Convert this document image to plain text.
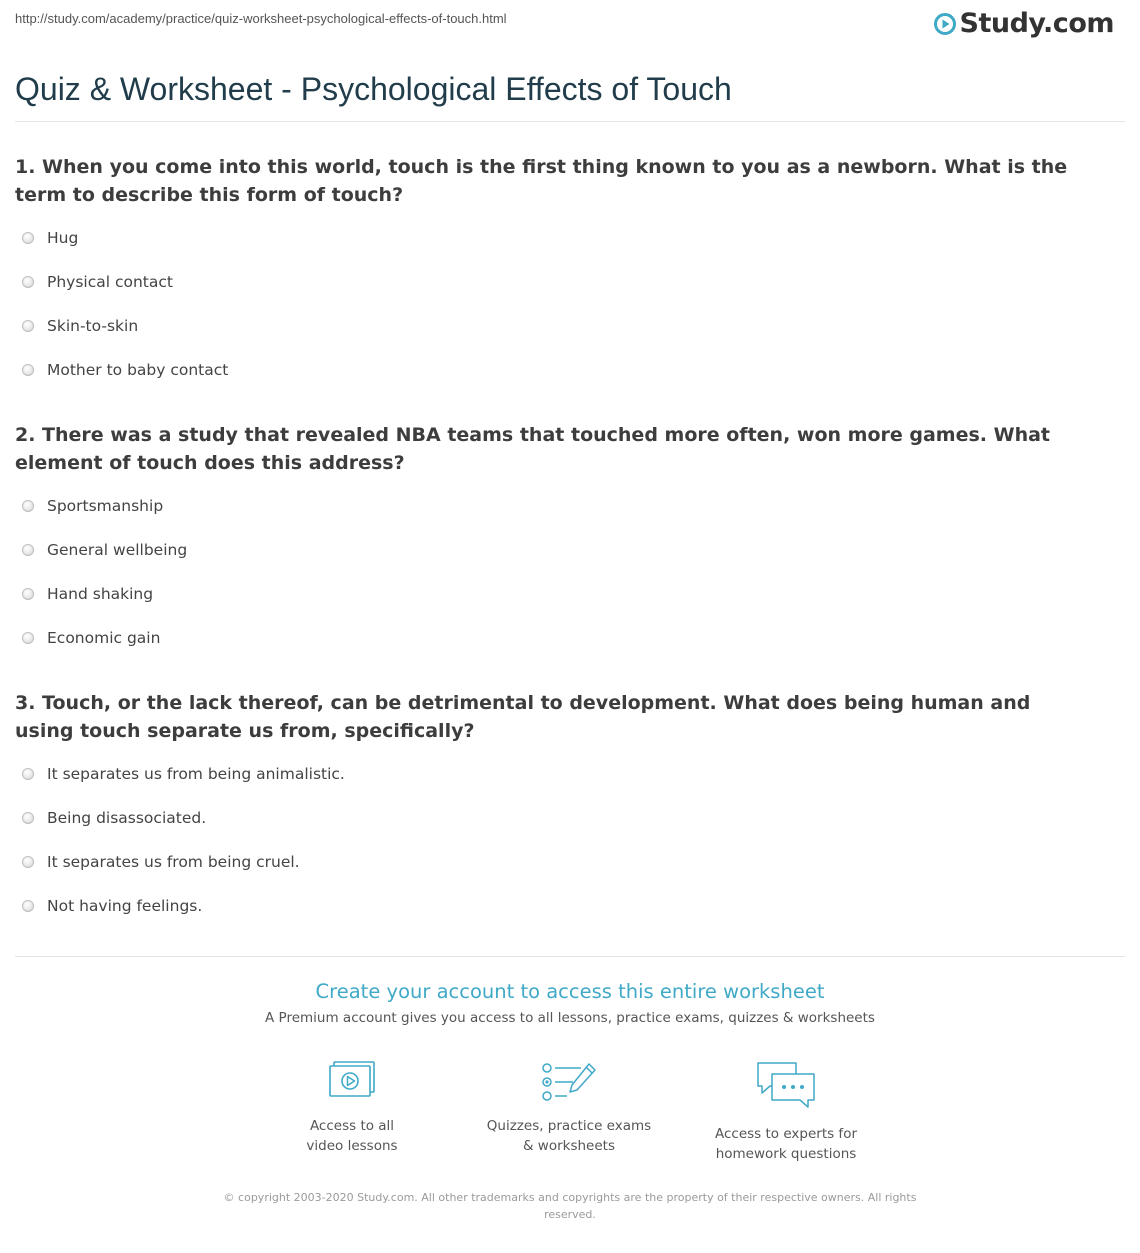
http://study.com/academy/practice/quiz-worksheet-psychological-effects-of-touch.html	Study.com
Quiz & Worksheet - Psychological Effects of Touch

1. When you come into this world, touch is the first thing known to you as a newborn. What is the term to describe this form of touch?

Hug
Physical contact
Skin-to-skin
Mother to baby contact

2. There was a study that revealed NBA teams that touched more often, won more games. What element of touch does this address?

Sportsmanship
General wellbeing
Hand shaking
Economic gain

3. Touch, or the lack thereof, can be detrimental to development. What does being human and using touch separate us from, specifically?

It separates us from being animalistic.
Being disassociated.
It separates us from being cruel.
Not having feelings.
Create your account to access this entire worksheet
A Premium account gives you access to all lessons, practice exams, quizzes & worksheets
Access to all
video lessons
Quizzes, practice exams
& worksheets
Access to experts for
homework questions
© copyright 2003-2020 Study.com. All other trademarks and copyrights are the property of their respective owners. All rights reserved.
